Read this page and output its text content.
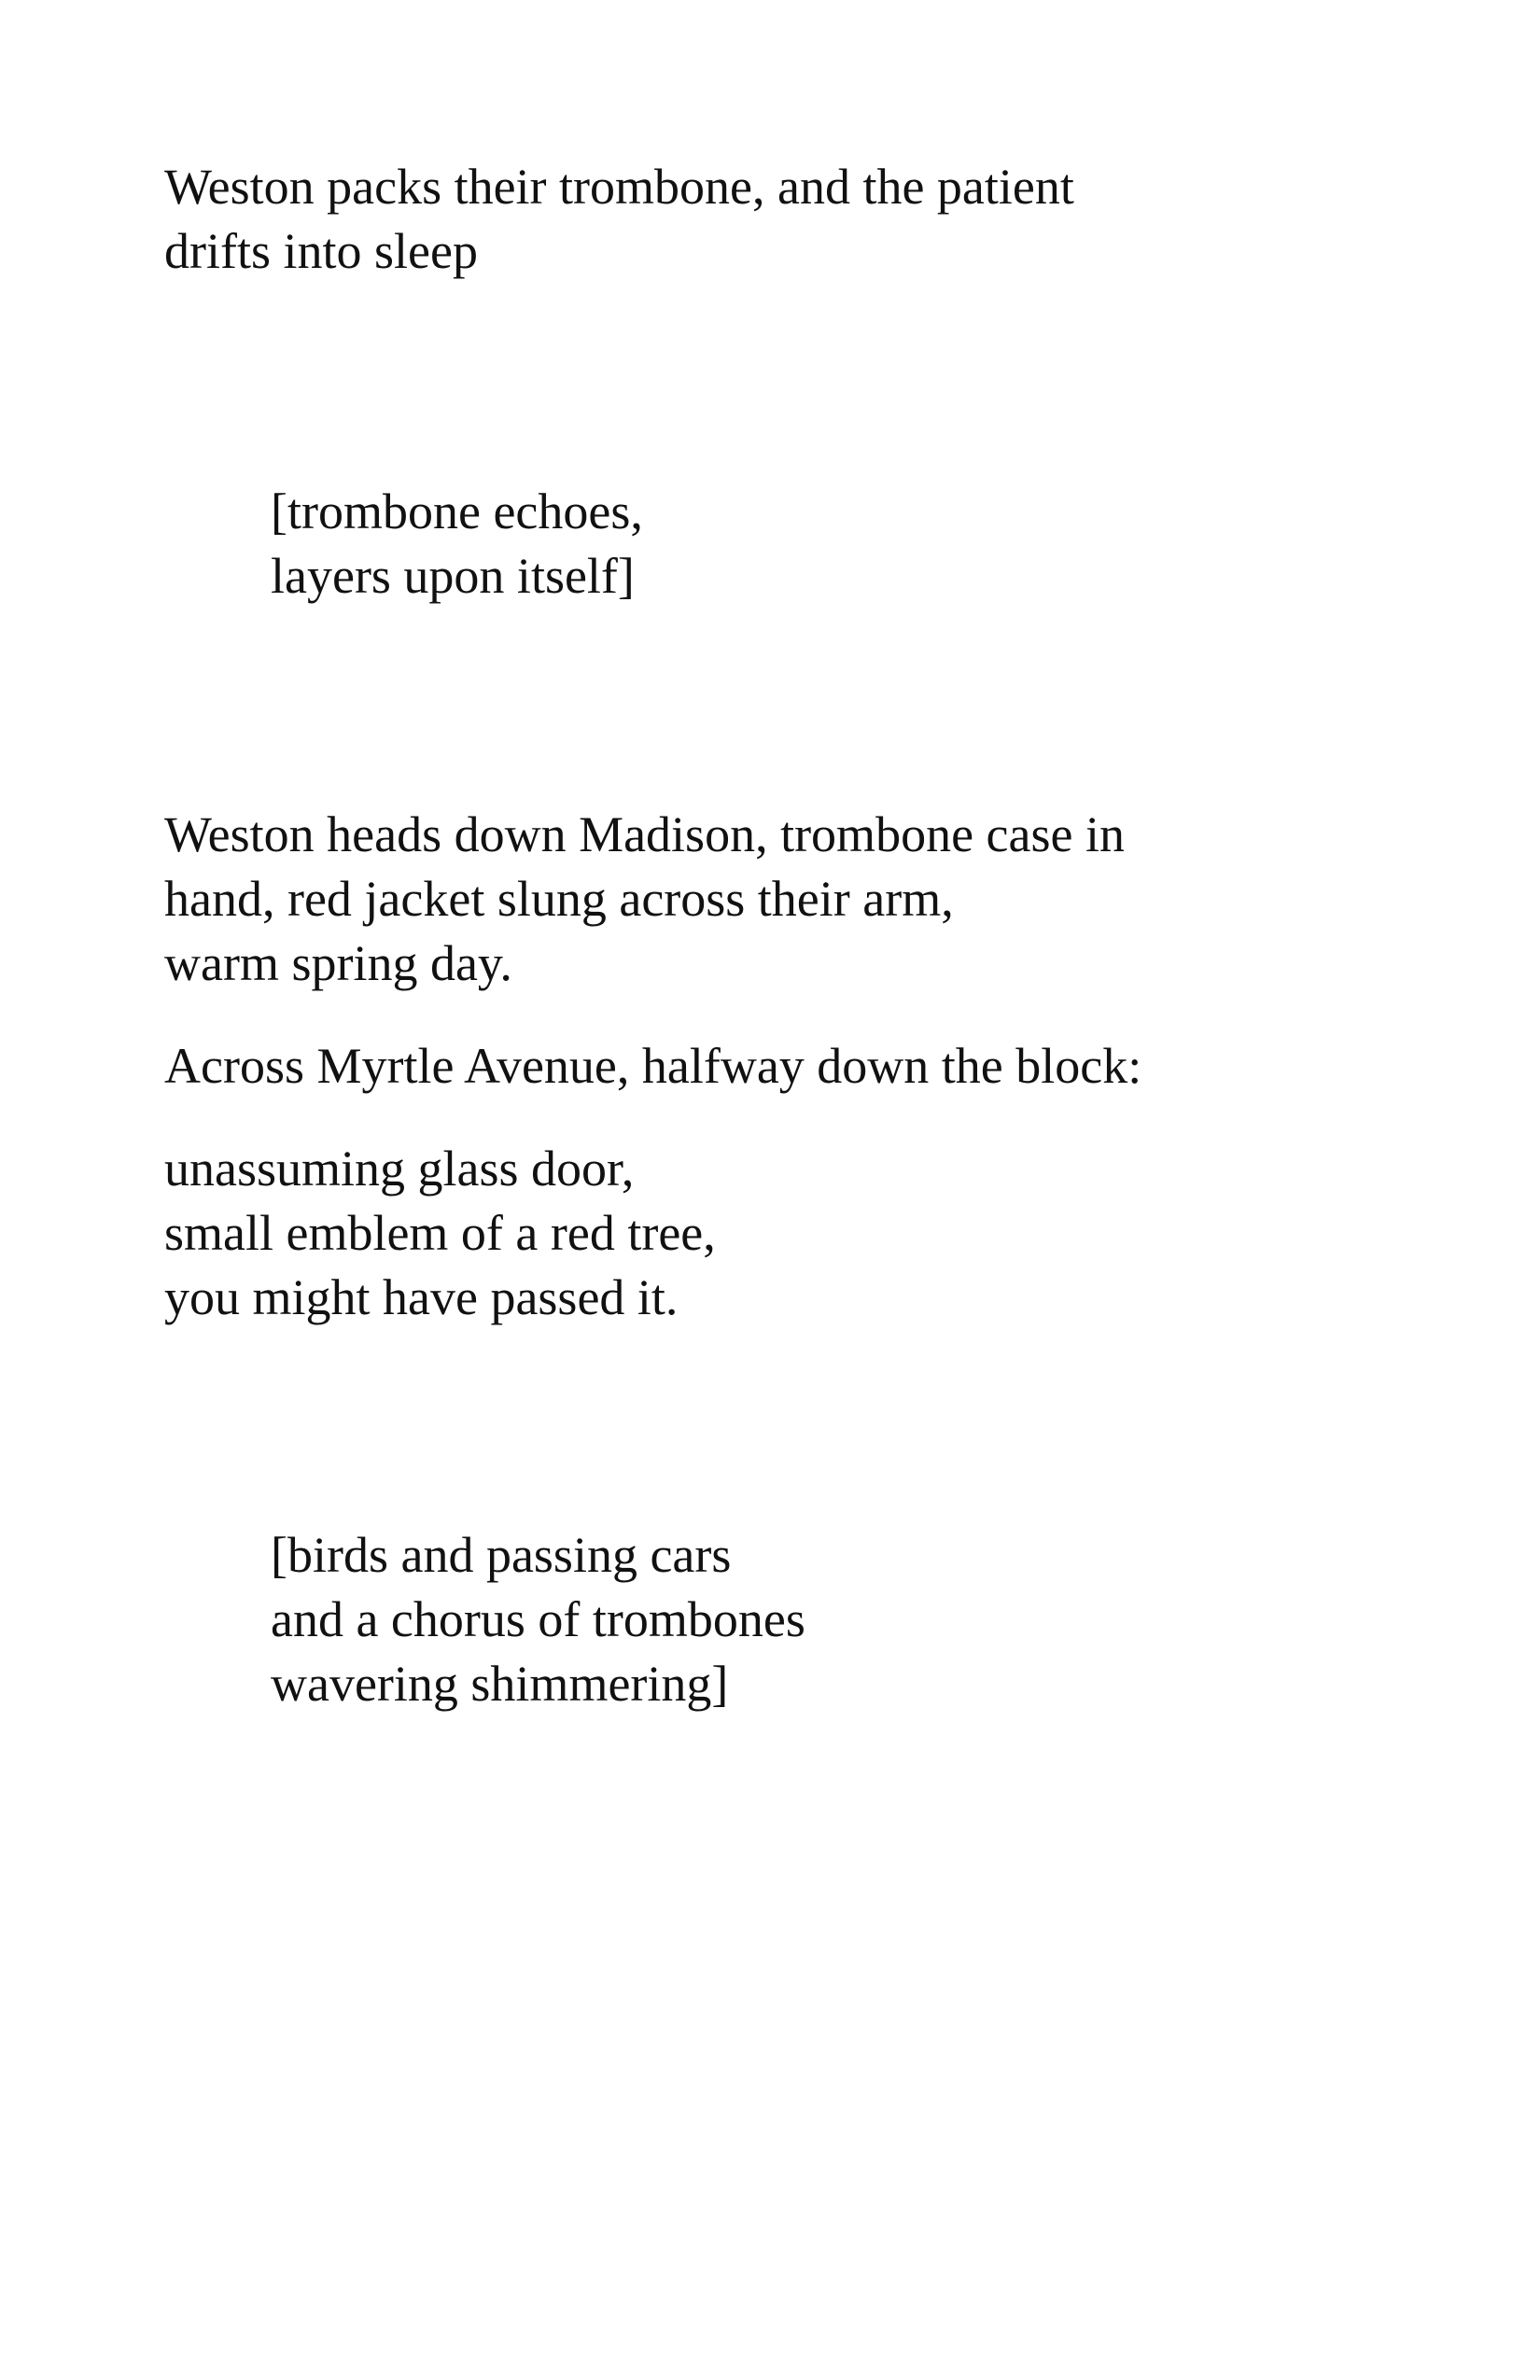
Weston packs their trombone, and the patient
drifts into sleep

[trombone echoes,
layers upon itself]

Weston heads down Madison, trombone case in
hand, red jacket slung across their arm,
warm spring day.

Across Myrtle Avenue, halfway down the block:

unassuming glass door,
small emblem of a red tree,
you might have passed it.

[birds and passing cars
and a chorus of trombones
wavering shimmering]
